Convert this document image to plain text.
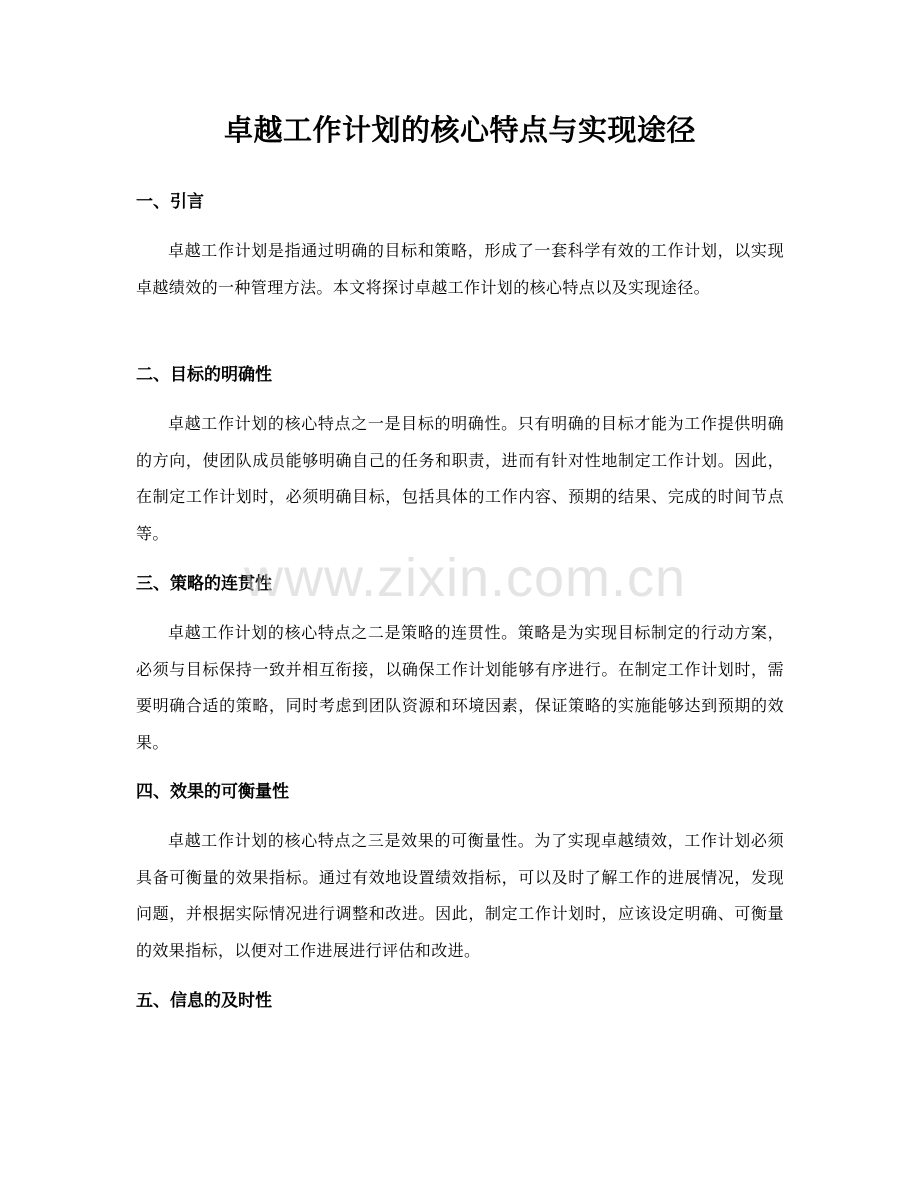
卓越工作计划的核心特点与实现途径
一、引言
卓越工作计划是指通过明确的目标和策略，形成了一套科学有效的工作计划，以实现卓越绩效的一种管理方法。本文将探讨卓越工作计划的核心特点以及实现途径。
二、目标的明确性
卓越工作计划的核心特点之一是目标的明确性。只有明确的目标才能为工作提供明确的方向，使团队成员能够明确自己的任务和职责，进而有针对性地制定工作计划。因此，在制定工作计划时，必须明确目标，包括具体的工作内容、预期的结果、完成的时间节点等。
三、策略的连贯性
卓越工作计划的核心特点之二是策略的连贯性。策略是为实现目标制定的行动方案，必须与目标保持一致并相互衔接，以确保工作计划能够有序进行。在制定工作计划时，需要明确合适的策略，同时考虑到团队资源和环境因素，保证策略的实施能够达到预期的效果。
四、效果的可衡量性
卓越工作计划的核心特点之三是效果的可衡量性。为了实现卓越绩效，工作计划必须具备可衡量的效果指标。通过有效地设置绩效指标，可以及时了解工作的进展情况，发现问题，并根据实际情况进行调整和改进。因此，制定工作计划时，应该设定明确、可衡量的效果指标，以便对工作进展进行评估和改进。
五、信息的及时性
www.zixin.com.cn
